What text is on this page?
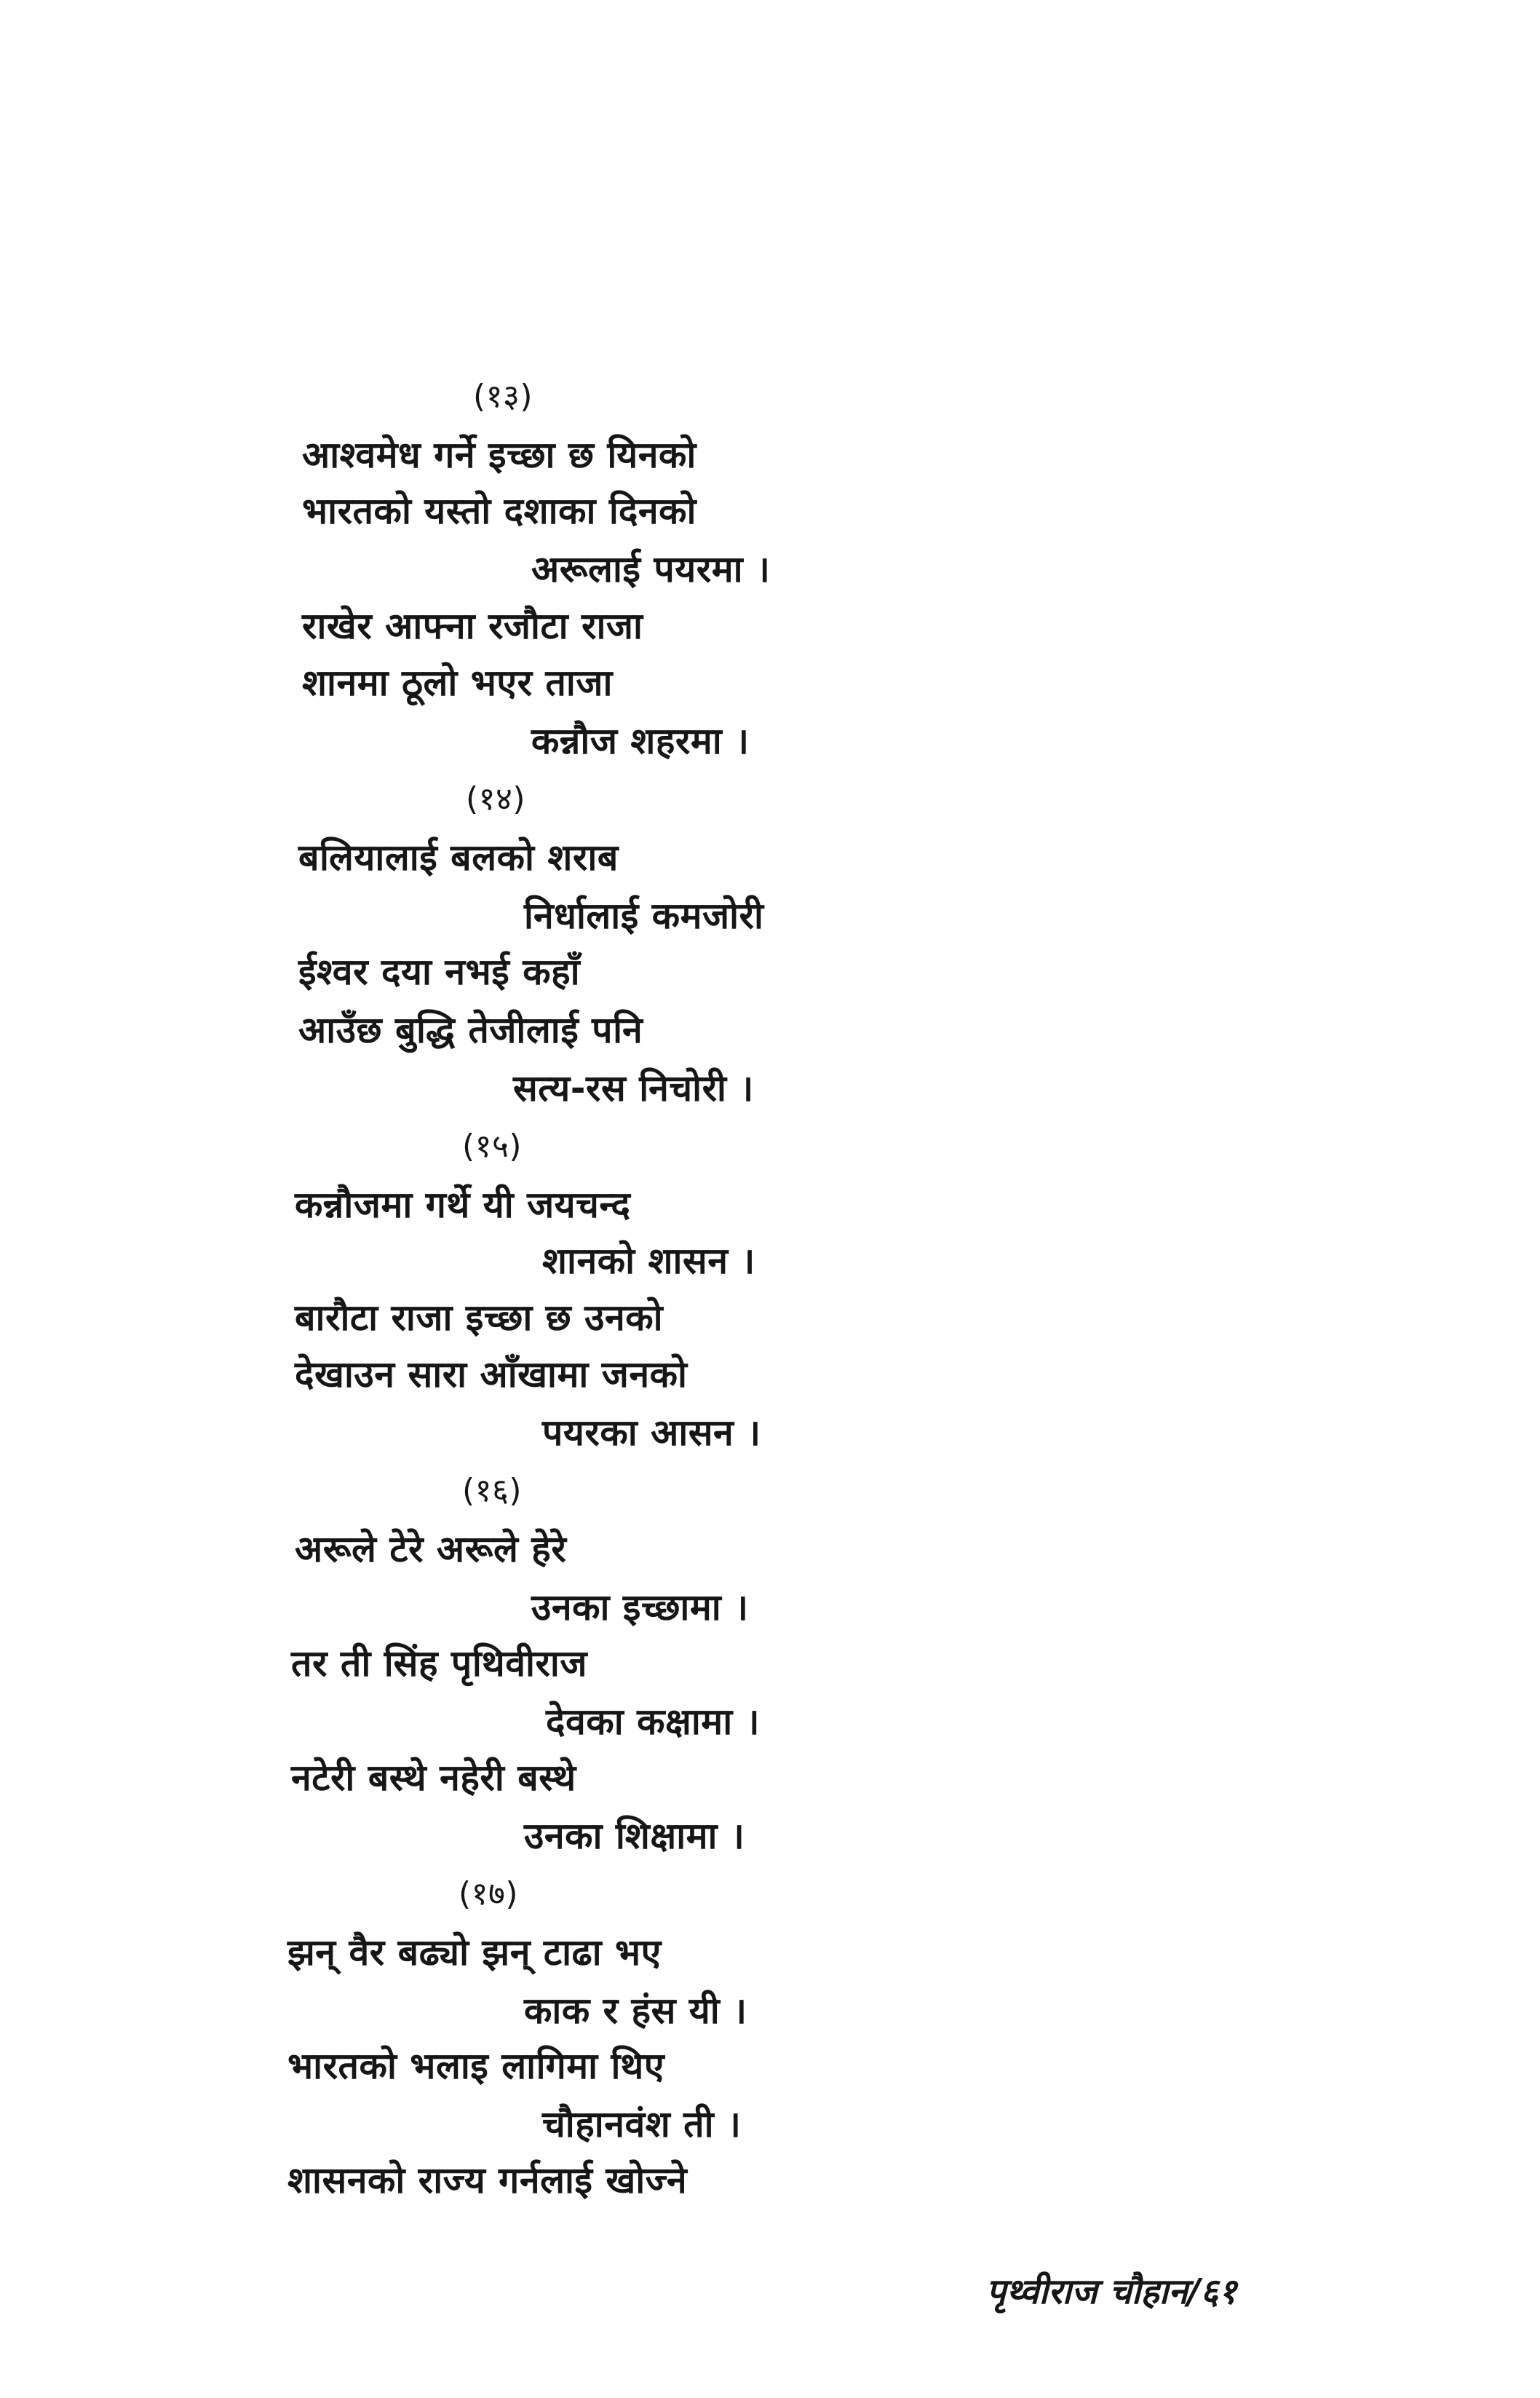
(१३)
आश्वमेध गर्ने इच्छा छ यिनको
भारतको यस्तो दशाका दिनको
अरूलाई पयरमा ।
राखेर आफ्ना रजौटा राजा
शानमा ठूलो भएर ताजा
कन्नौज शहरमा ।
(१४)
बलियालाई बलको शराब
निर्धालाई कमजोरी
ईश्वर दया नभई कहाँ
आउँछ बुद्धि तेजीलाई पनि
सत्य-रस निचोरी ।
(१५)
कन्नौजमा गर्थे यी जयचन्द
शानको शासन ।
बारौटा राजा इच्छा छ उनको
देखाउन सारा आँखामा जनको
पयरका आसन ।
(१६)
अरूले टेरे अरूले हेरे
उनका इच्छामा ।
तर ती सिंह पृथिवीराज
देवका कक्षामा ।
नटेरी बस्थे नहेरी बस्थे
उनका शिक्षामा ।
(१७)
झन् वैर बढ्यो झन् टाढा भए
काक र हंस यी ।
भारतको भलाइ लागिमा थिए
चौहानवंश ती ।
शासनको राज्य गर्नलाई खोज्ने
पृथ्वीराज चौहान/६१
